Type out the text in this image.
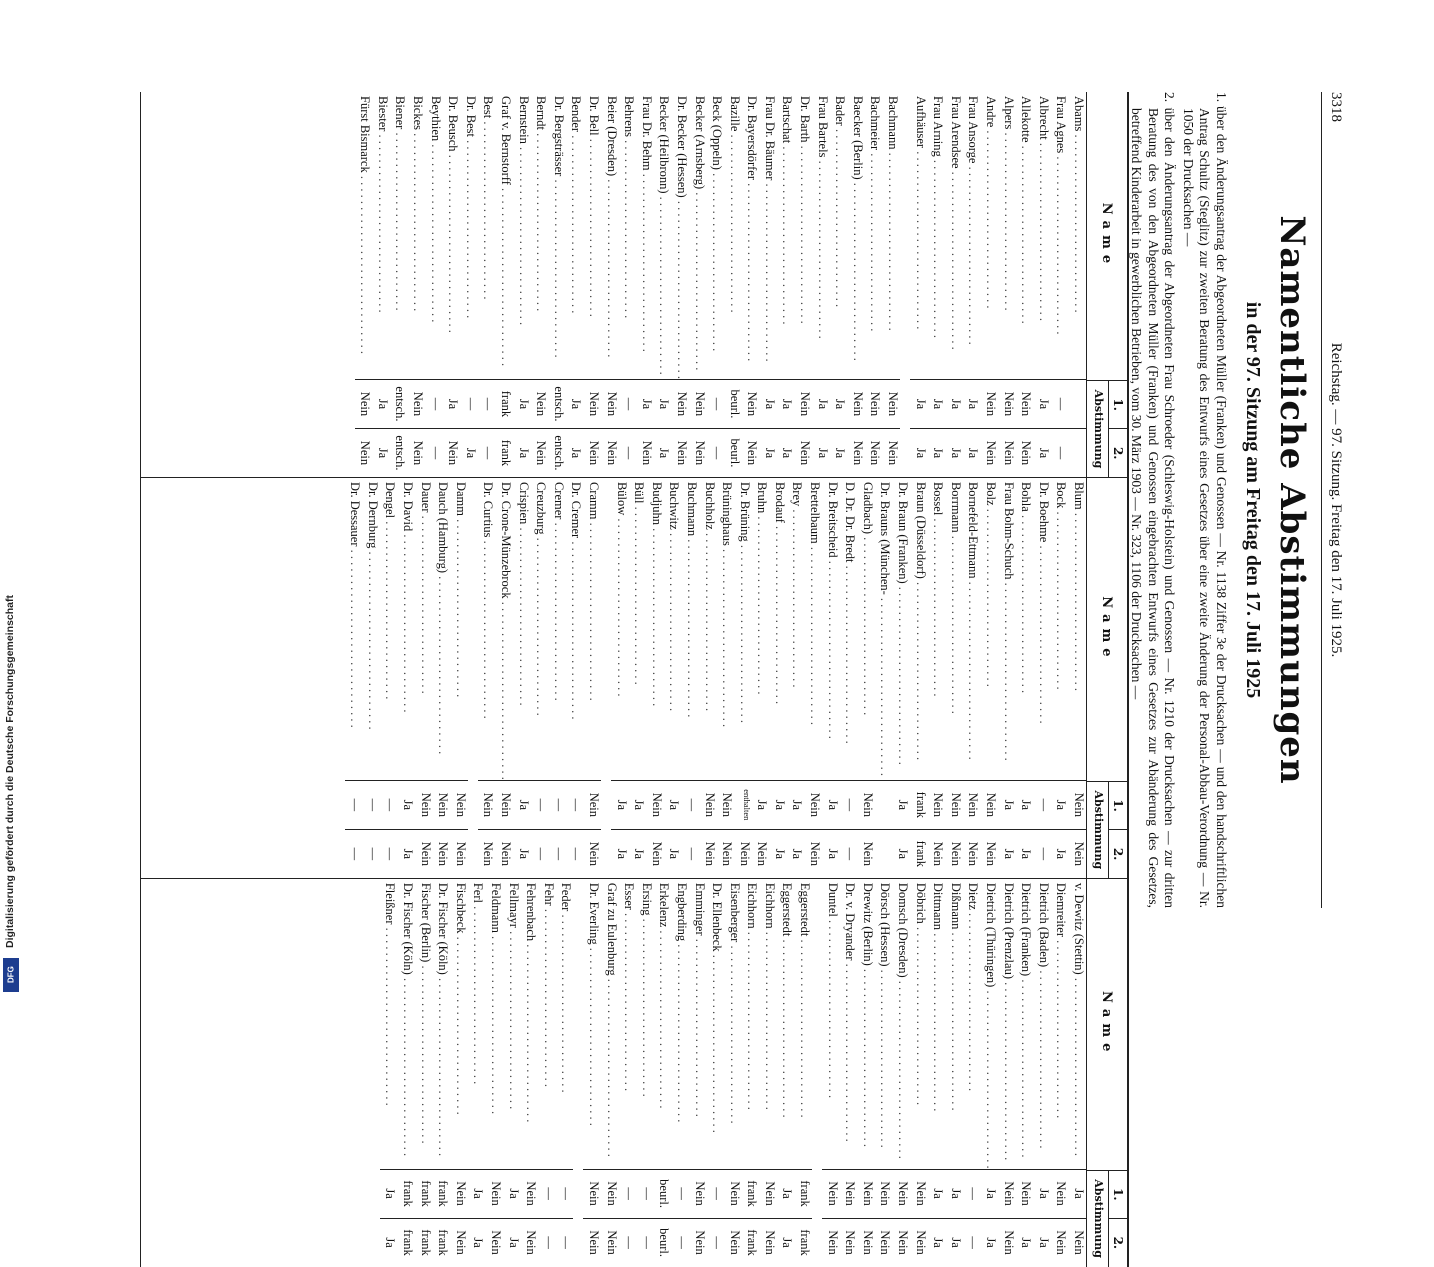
3318
Reichstag. — 97. Sitzung. Freitag den 17. Juli 1925.
Namentliche Abstimmungen
in der 97. Sitzung am Freitag den 17. Juli 1925

1. über den Änderungsantrag der Abgeordneten Müller (Franken) und Genossen — Nr. 1138 Ziffer 3e der Drucksachen — und den handschriftlichen Antrag Schultz (Steglitz) zur zweiten Beratung des Entwurfs eines Gesetzes über eine zweite Änderung der Personal-Abbau-Verordnung — Nr. 1050 der Drucksachen —

2. über den Änderungsantrag der Abgeordneten Frau Schroeder (Schleswig-Holstein) und Genossen — Nr. 1210 der Drucksachen — zur dritten Beratung des von den Abgeordneten Müller (Franken) und Genossen eingebrachten Entwurfs eines Gesetzes zur Abänderung des Gesetzes, betreffend Kinderarbeit in gewerblichen Betrieben, vom 30. März 1903 — Nr. 323, 1106 der Drucksachen —

Name
1.
2.
Abstimmung
Abams . . .
Frau Agnes . . .
—
—
Albrecht . . .
Ja
Ja
Allekotte . . .
Nein
Nein
Alpers . . .
Nein
Nein
Andre . . .
Nein
Nein
Frau Ansorge . . .
Ja
Ja
Frau Arendsee . . .
Ja
Ja
Frau Arning . . .
Ja
Ja
Aufhäuser . . .
Ja
Ja
Bachmann . . .
Nein
Nein
Bachmeier . . .
Nein
Nein
Baecker (Berlin) . . .
Nein
Nein
Bader . . .
Ja
Ja
Frau Bartels . . .
Ja
Ja
Dr. Barth . . .
Nein
Nein
Bartschat . . .
Ja
Ja
Frau Dr. Bäumer . . .
Ja
Ja
Dr. Bayersdörfer . . .
Nein
Nein
Bazille . . .
beurl.
beurl.
Beck (Oppeln) . . .
—
—
Becker (Arnsberg) . . .
Nein
Nein
Dr. Becker (Hessen) . . .
Nein
Nein
Becker (Heilbronn) . . .
Ja
Ja
Frau Dr. Behm . . .
Ja
Nein
Behrens . . .
—
—
Beier (Dresden) . . .
Nein
Nein
Dr. Bell . . .
Nein
Nein
Bender . . .
Ja
Ja
Dr. Bergsträsser . . .
entsch.
entsch.
Berndt . . .
Nein
Nein
Bernstein . . .
Ja
Ja
Graf v. Bernstorff . . .
frank
frank
Best . . .
—
—
Dr. Best . . .
—
Ja
Dr. Beusch . . .
Ja
Nein
Beythien . . .
—
—
Bickes . . .
Nein
Nein
Biener . . .
entsch.
entsch.
Biester . . .
Ja
Ja
Fürst Bismarck . . .
Nein
Nein
Name
1.
2.
Abstimmung
Blum . . .
Nein
Nein
Bock . . .
Ja
Ja
Dr. Boehme . . .
—
—
Bohla . . .
Ja
Ja
Frau Bohm-Schuch . . .
Ja
Ja
Bolz . . .
Nein
Nein
Bornefeld-Ettmann . . .
Nein
Nein
Borrmann . . .
Nein
Nein
Bossel . . .
Nein
Nein
Braun (Düsseldorf) . . .
frank
frank
Dr. Braun (Franken) . . .
Ja
Ja
Dr. Brauns (München- . . .
Gladbach) . . .
Nein
Nein
D. Dr. Dr. Bredt . . .
—
—
Dr. Breitscheid . . .
Ja
Ja
Brettelbaum . . .
Nein
Nein
Brey . . .
Ja
Ja
Brodauf . . .
Ja
Ja
Bruhn . . .
Ja
Nein
Dr. Brüning . . .
enthalten
Nein
Brüninghaus . . .
Nein
Nein
Buchholz . . .
Nein
Nein
Buchmann . . .
—
—
Buchwitz . . .
Ja
Ja
Budjuhn . . .
Nein
Nein
Büll . . .
Ja
Ja
Bülow . . .
Ja
Ja
Cramm . . .
Nein
Nein
Dr. Cremer . . .
—
—
Cremer . . .
—
—
Creuzburg . . .
—
—
Crispien . . .
Ja
Ja
Dr. Crone-Münzebrock . . .
Nein
Nein
Dr. Curtius . . .
Nein
Nein
Damm . . .
Nein
Nein
Dauch (Hamburg) . . .
Nein
Nein
Dauer . . .
Nein
Nein
Dr. David . . .
Ja
Ja
Dengel . . .
—
—
Dr. Dernburg . . .
—
—
Dr. Dessauer . . .
—
—
Name
1.
2.
Abstimmung
v. Dewitz (Stettin) . . .
Ja
Nein
Diemreiter . . .
Nein
Nein
Dietrich (Baden) . . .
Ja
Ja
Dietrich (Franken) . . .
Nein
Ja
Dietrich (Prenzlau) . . .
Nein
Nein
Dietrich (Thüringen) . . .
Ja
Ja
Dietz . . .
—
—
Dißmann . . .
Ja
Ja
Dittmann . . .
Ja
Ja
Döbrich . . .
Nein
Nein
Domsch (Dresden) . . .
Nein
Nein
Dörsch (Hessen) . . .
Nein
Nein
Drewitz (Berlin) . . .
Nein
Nein
Dr. v. Dryander . . .
Nein
Nein
Duntel . . .
Nein
Nein
Eggerstedt . . .
frank
frank
Eggerstedt . . .
Ja
Ja
Eichhorn . . .
Nein
Nein
Eichhorn . . .
frank
frank
Eisenberger . . .
Nein
Nein
Dr. Ellenbeck . . .
—
—
Emminger . . .
Nein
Nein
Engberding . . .
—
—
Erkelenz . . .
beurl.
beurl.
Ersing . . .
—
—
Esser . . .
—
—
Graf zu Eulenburg . . .
Nein
Nein
Dr. Everling . . .
Nein
Nein
Feder . . .
—
—
Fehr . . .
—
—
Fehrenbach . . .
Nein
Nein
Fellmayr . . .
Ja
Ja
Feldmann . . .
Nein
Nein
Ferl . . .
Ja
Ja
Fischbeck . . .
Nein
Nein
Dr. Fischer (Köln) . . .
frank
frank
Fischer (Berlin) . . .
frank
frank
Dr. Fischer (Köln) . . .
frank
frank
Fleißner . . .
Ja
Ja
Digitalisierung gefördert durch die Deutsche Forschungsgemeinschaft
DFG
